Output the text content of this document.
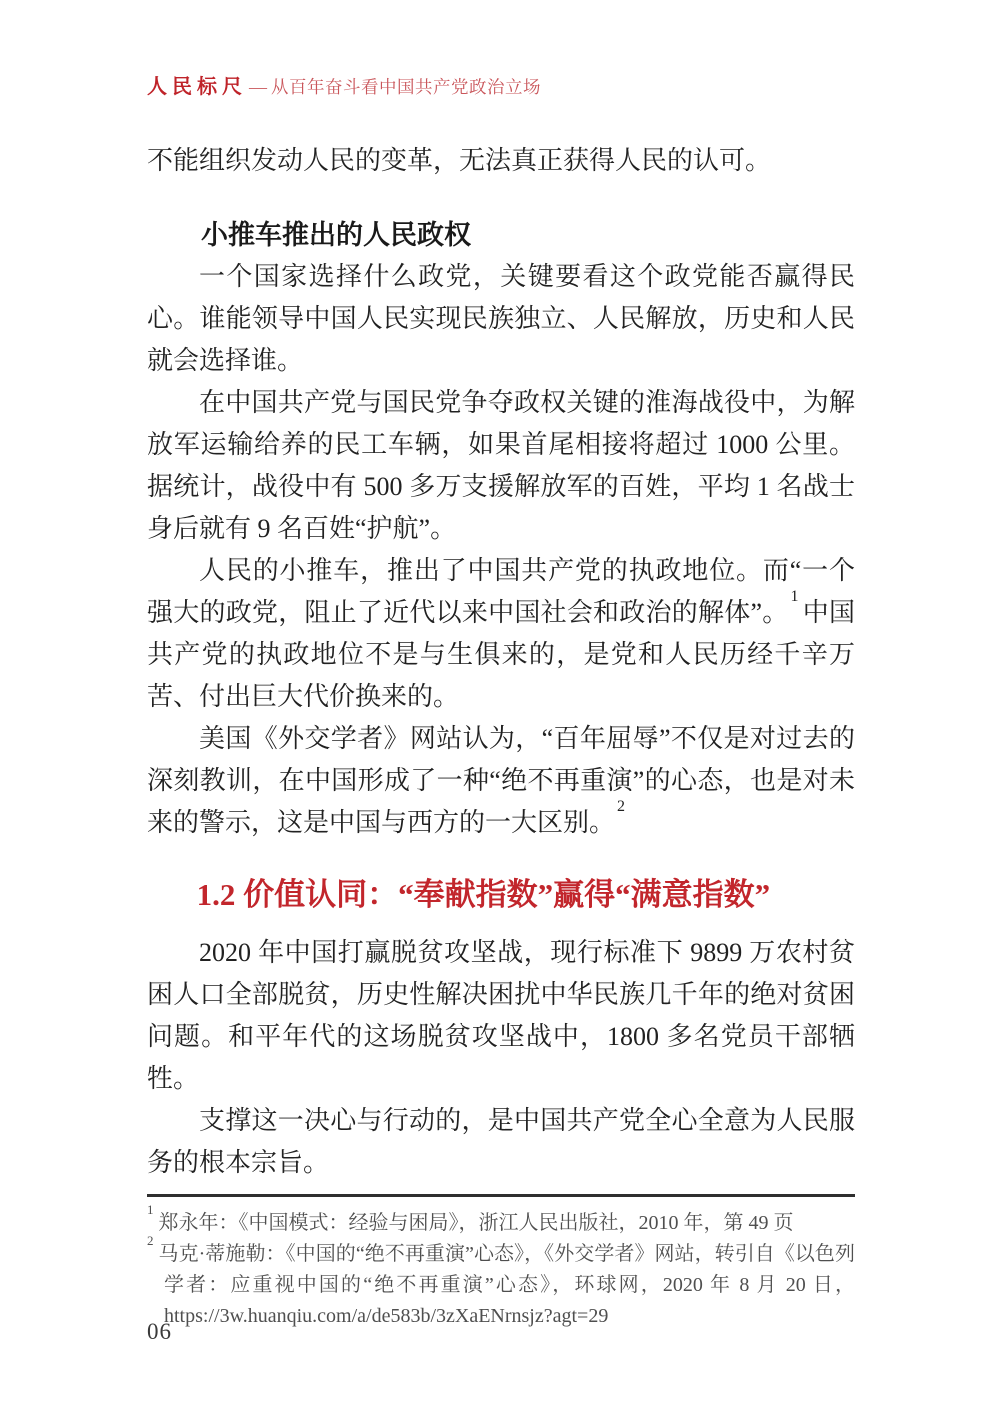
人民标尺 — 从百年奋斗看中国共产党政治立场

不能组织发动人民的变革，无法真正获得人民的认可。

小推车推出的人民政权

一个国家选择什么政党，关键要看这个政党能否赢得民心。谁能领导中国人民实现民族独立、人民解放，历史和人民就会选择谁。

在中国共产党与国民党争夺政权关键的淮海战役中，为解放军运输给养的民工车辆，如果首尾相接将超过 1000 公里。据统计，战役中有 500 多万支援解放军的百姓，平均 1 名战士身后就有 9 名百姓“护航”。

人民的小推车，推出了中国共产党的执政地位。而“一个强大的政党，阻止了近代以来中国社会和政治的解体”。$^1$中国共产党的执政地位不是与生俱来的，是党和人民历经千辛万苦、付出巨大代价换来的。

美国《外交学者》网站认为，“百年屈辱”不仅是对过去的深刻教训，在中国形成了一种“绝不再重演”的心态，也是对未来的警示，这是中国与西方的一大区别。$^2$

1.2 价值认同：“奉献指数”赢得“满意指数”

2020 年中国打赢脱贫攻坚战，现行标准下 9899 万农村贫困人口全部脱贫，历史性解决困扰中华民族几千年的绝对贫困问题。和平年代的这场脱贫攻坚战中，1800 多名党员干部牺牲。

支撑这一决心与行动的，是中国共产党全心全意为人民服务的根本宗旨。

$^1$郑永年：《中国模式：经验与困局》，浙江人民出版社，2010 年，第 49 页
$^2$马克·蒂施勒：《中国的“绝不再重演”心态》，《外交学者》网站，转引自《以色列学者：应重视中国的“绝不再重演”心态》，环球网，2020 年 8 月 20 日，https://3w.huanqiu.com/a/de583b/3zXaENrnsjz?agt=29
06
